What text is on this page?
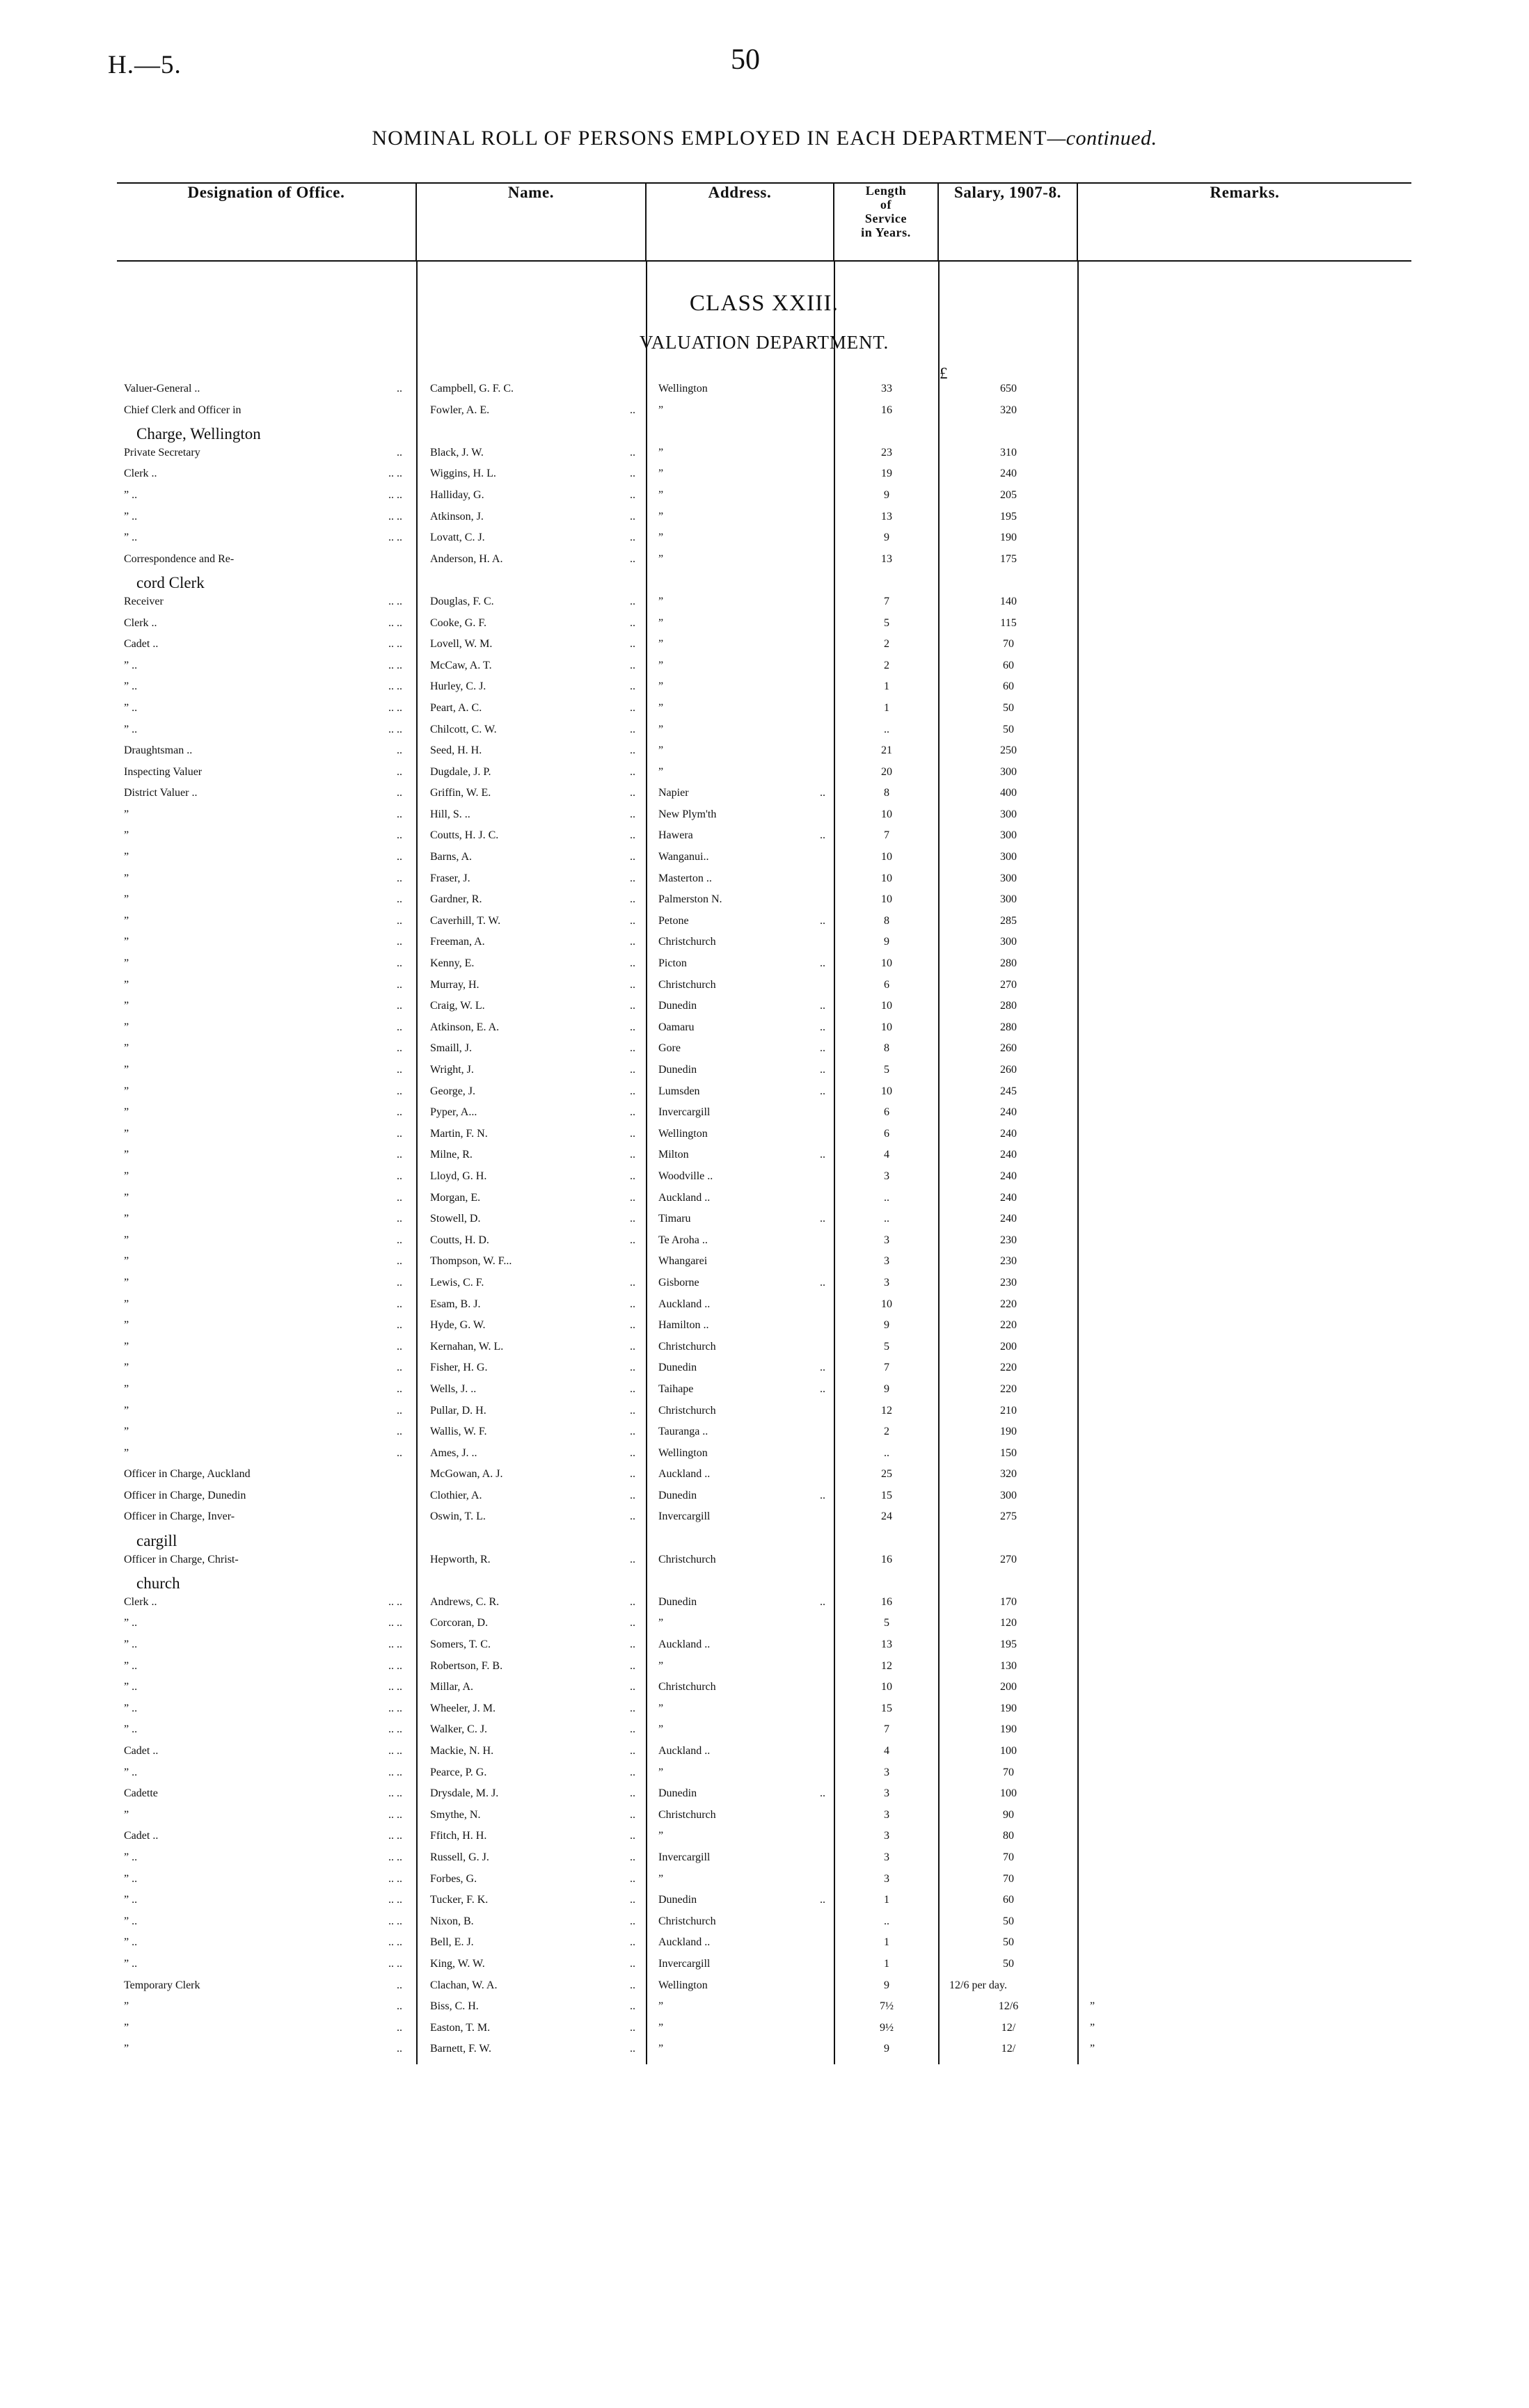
H.—5.	50
NOMINAL ROLL OF PERSONS EMPLOYED IN EACH DEPARTMENT—continued.
Designation of Office.	Name.	Address.	Length
of
Service
in Years.	Salary, 1907-8.	Remarks.
CLASS XXIII.
VALUATION DEPARTMENT.
£
Valuer-General ..	..	Campbell, G. F. C.	Wellington	33	650
Chief Clerk and Officer in	Fowler, A. E.	.. ”	16	320
Charge, Wellington
Private Secretary	..	Black, J. W.	.. ”	23	310
Clerk ..	.. ..	Wiggins, H. L.	.. ”	19	240
” ..	.. ..	Halliday, G.	.. ”	9	205
” ..	.. ..	Atkinson, J.	.. ”	13	195
” ..	.. ..	Lovatt, C. J.	.. ”	9	190
Correspondence and Re-	Anderson, H. A.	.. ”	13	175
cord Clerk
Receiver	.. ..	Douglas, F. C.	.. ”	7	140
Clerk ..	.. ..	Cooke, G. F.	.. ”	5	115
Cadet ..	.. ..	Lovell, W. M.	.. ”	2	70
” ..	.. ..	McCaw, A. T.	.. ”	2	60
” ..	.. ..	Hurley, C. J.	.. ”	1	60
” ..	.. ..	Peart, A. C.	.. ”	1	50
” ..	.. ..	Chilcott, C. W.	.. ”	..	50
Draughtsman ..	..	Seed, H. H.	.. ”	21	250
Inspecting Valuer	..	Dugdale, J. P.	.. ”	20	300
District Valuer ..	..	Griffin, W. E.	.. Napier	..	8	400
”	..	Hill, S. ..	.. New Plym'th	10	300
”	..	Coutts, H. J. C.	.. Hawera	..	7	300
”	..	Barns, A.	.. Wanganui..	10	300
”	..	Fraser, J.	.. Masterton ..	10	300
”	..	Gardner, R.	.. Palmerston N.	10	300
”	..	Caverhill, T. W.	.. Petone	..	8	285
”	..	Freeman, A.	.. Christchurch	9	300
”	..	Kenny, E.	.. Picton	..	10	280
”	..	Murray, H.	.. Christchurch	6	270
”	..	Craig, W. L.	.. Dunedin	..	10	280
”	..	Atkinson, E. A.	.. Oamaru	..	10	280
”	..	Smaill, J.	.. Gore	..	8	260
”	..	Wright, J.	.. Dunedin	..	5	260
”	..	George, J.	.. Lumsden	..	10	245
”	..	Pyper, A...	.. Invercargill	6	240
”	..	Martin, F. N.	.. Wellington	6	240
”	..	Milne, R.	.. Milton	..	4	240
”	..	Lloyd, G. H.	.. Woodville ..	3	240
”	..	Morgan, E.	.. Auckland ..	..	240
”	..	Stowell, D.	.. Timaru	..	..	240
”	..	Coutts, H. D.	.. Te Aroha ..	3	230
”	..	Thompson, W. F...	Whangarei	3	230
”	..	Lewis, C. F.	.. Gisborne	..	3	230
”	..	Esam, B. J.	.. Auckland ..	10	220
”	..	Hyde, G. W.	.. Hamilton ..	9	220
”	..	Kernahan, W. L.	.. Christchurch	5	200
”	..	Fisher, H. G.	.. Dunedin	..	7	220
”	..	Wells, J. ..	.. Taihape	..	9	220
”	..	Pullar, D. H.	.. Christchurch	12	210
”	..	Wallis, W. F.	.. Tauranga ..	2	190
”	..	Ames, J. ..	.. Wellington	..	150
Officer in Charge, Auckland	McGowan, A. J.	.. Auckland ..	25	320
Officer in Charge, Dunedin	Clothier, A.	.. Dunedin	..	15	300
Officer in Charge, Inver-	Oswin, T. L.	.. Invercargill	24	275
cargill
Officer in Charge, Christ-	Hepworth, R.	.. Christchurch	16	270
church
Clerk ..	.. ..	Andrews, C. R.	.. Dunedin	..	16	170
” ..	.. ..	Corcoran, D.	.. ”	5	120
” ..	.. ..	Somers, T. C.	.. Auckland ..	13	195
” ..	.. ..	Robertson, F. B.	.. ”	12	130
” ..	.. ..	Millar, A.	.. Christchurch	10	200
” ..	.. ..	Wheeler, J. M.	.. ”	15	190
” ..	.. ..	Walker, C. J.	.. ”	7	190
Cadet ..	.. ..	Mackie, N. H.	.. Auckland ..	4	100
” ..	.. ..	Pearce, P. G.	.. ”	3	70
Cadette	.. ..	Drysdale, M. J.	.. Dunedin	..	3	100
”	.. ..	Smythe, N.	.. Christchurch	3	90
Cadet ..	.. ..	Ffitch, H. H.	.. ”	3	80
” ..	.. ..	Russell, G. J.	.. Invercargill	3	70
” ..	.. ..	Forbes, G.	.. ”	3	70
” ..	.. ..	Tucker, F. K.	.. Dunedin	..	1	60
” ..	.. ..	Nixon, B.	.. Christchurch	..	50
” ..	.. ..	Bell, E. J.	.. Auckland ..	1	50
” ..	.. ..	King, W. W.	.. Invercargill	1	50
Temporary Clerk	..	Clachan, W. A.	.. Wellington	9	12/6 per day.
”	..	Biss, C. H.	.. ”	7½	12/6	”
”	..	Easton, T. M.	.. ”	9½	12/	”
”	..	Barnett, F. W.	.. ”	9	12/	”
